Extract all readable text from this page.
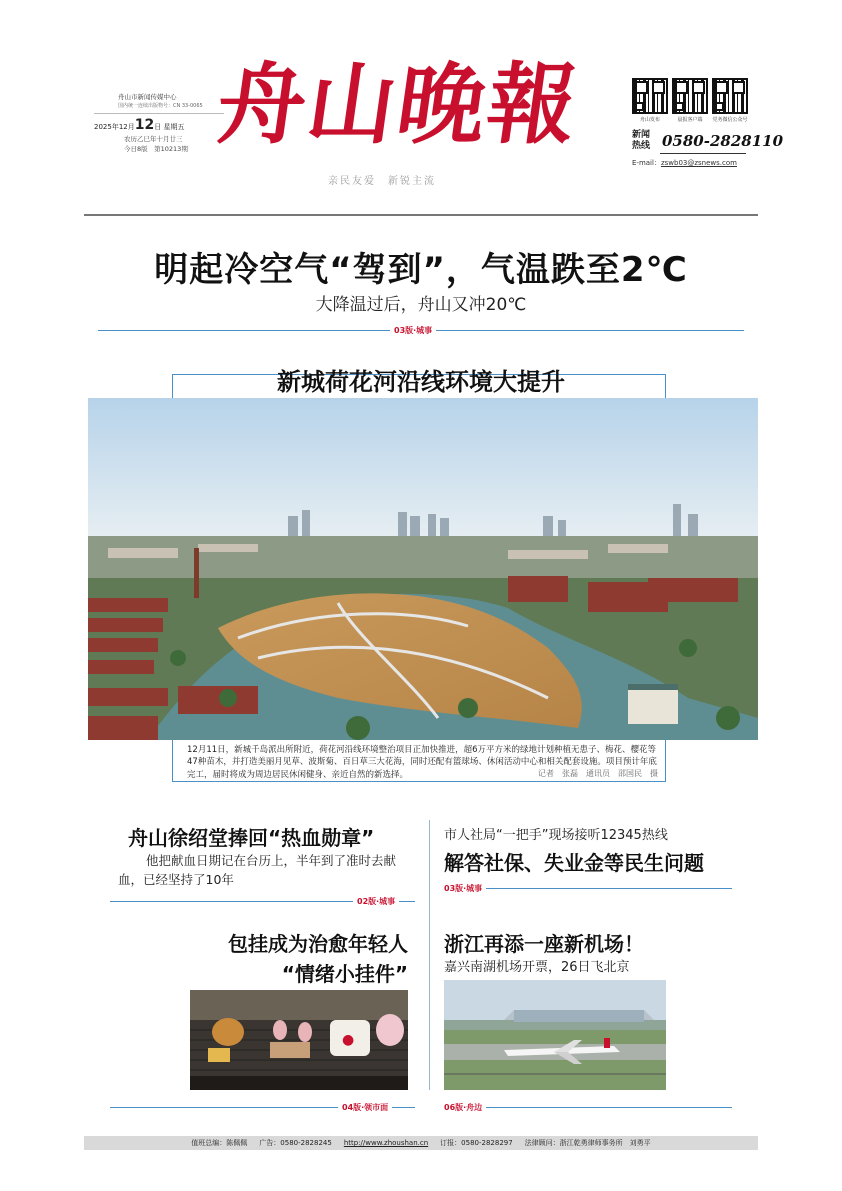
舟山市新闻传媒中心
国内统一连续出版物号：CN 33-0065
2025年12月12日 星期五
农历乙巳年十月廿三
今日8版　第10213期 舟山晚報
亲民友爱　新锐主流
舟山发布	晨报客户端	党务微信公众号
新闻
热线 0580-2828110
E-mail：zswb03@zsnews.com
明起冷空气“驾到”，气温跌至2℃
大降温过后，舟山又冲20℃
03版·城事
新城荷花河沿线环境大提升
12月11日，新城千岛派出所附近，荷花河沿线环境整治项目正加快推进，超6万平方米的绿地计划种植无患子、梅花、樱花等47种苗木，并打造美丽月见草、波斯菊、百日草三大花海，同时还配有篮球场、休闲活动中心和相关配套设施。项目预计年底完工，届时将成为周边居民休闲健身、亲近自然的新选择。	记者　张磊　通讯员　邵国民　摄
舟山徐绍堂捧回“热血勋章”
他把献血日期记在台历上，半年到了准时去献血，已经坚持了10年
02版·城事
市人社局“一把手”现场接听12345热线
解答社保、失业金等民生问题
03版·城事
包挂成为治愈年轻人
“情绪小挂件”
●
04版·领市面
浙江再添一座新机场！
嘉兴南湖机场开票，26日飞北京
06版·舟边
值班总编：陈佩佩 广告：0580-2828245 http://www.zhoushan.cn 订报：0580-2828297 法律顾问：浙江乾勇律师事务所　刘勇平
